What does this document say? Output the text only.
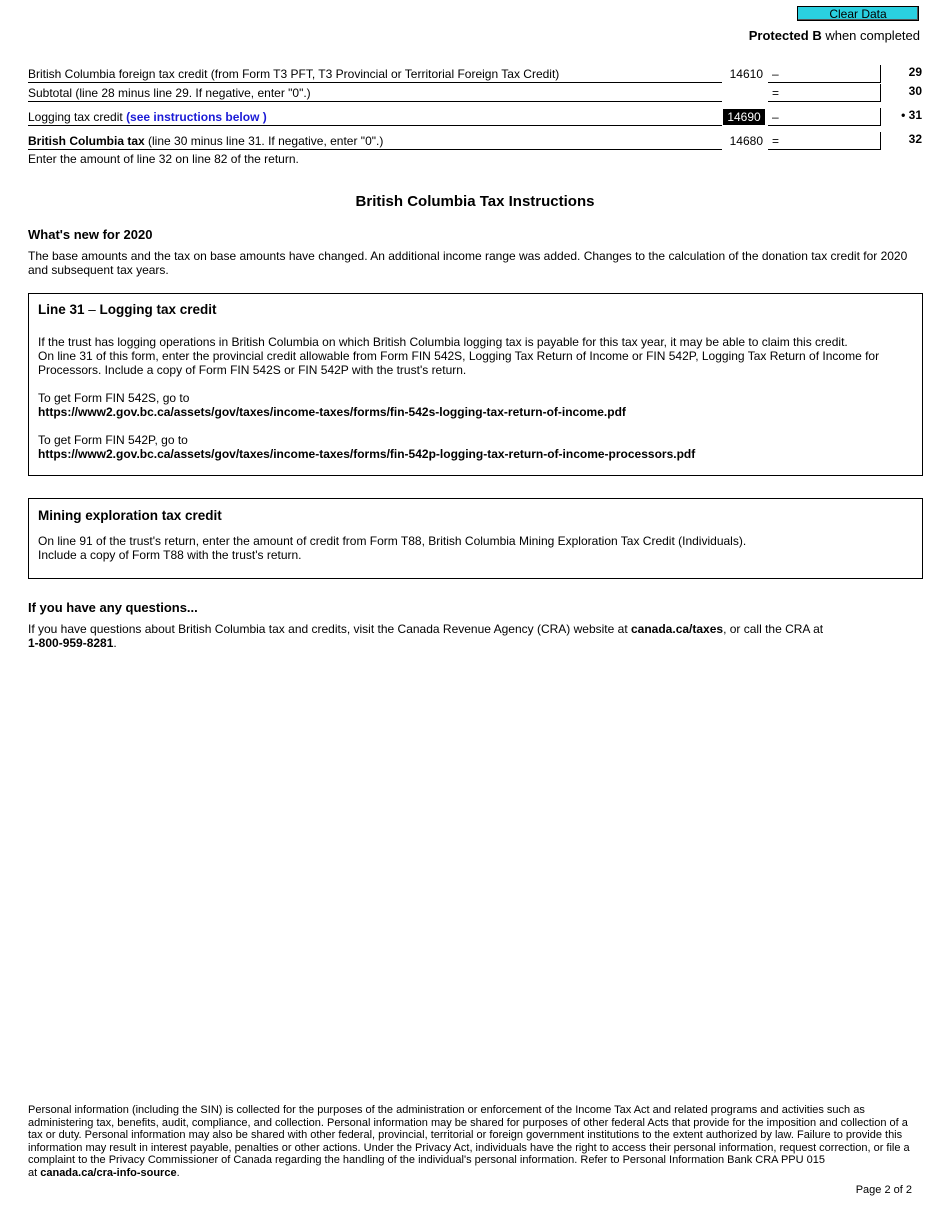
Clear Data
Protected B when completed
British Columbia foreign tax credit (from Form T3 PFT, T3 Provincial or Territorial Foreign Tax Credit)	14610 –	29
Subtotal (line 28 minus line 29. If negative, enter "0".)	=	30
Logging tax credit (see instructions below )	14690 –	• 31
British Columbia tax (line 30 minus line 31. If negative, enter "0".)	14680 =	32
Enter the amount of line 32 on line 82 of the return.
British Columbia Tax Instructions
What's new for 2020
The base amounts and the tax on base amounts have changed. An additional income range was added. Changes to the calculation of the donation tax credit for 2020 and subsequent tax years.
Line 31 – Logging tax credit
If the trust has logging operations in British Columbia on which British Columbia logging tax is payable for this tax year, it may be able to claim this credit.
On line 31 of this form, enter the provincial credit allowable from Form FIN 542S, Logging Tax Return of Income or FIN 542P, Logging Tax Return of Income for Processors. Include a copy of Form FIN 542S or FIN 542P with the trust's return.
To get Form FIN 542S, go to
https://www2.gov.bc.ca/assets/gov/taxes/income-taxes/forms/fin-542s-logging-tax-return-of-income.pdf
To get Form FIN 542P, go to
https://www2.gov.bc.ca/assets/gov/taxes/income-taxes/forms/fin-542p-logging-tax-return-of-income-processors.pdf
Mining exploration tax credit
On line 91 of the trust's return, enter the amount of credit from Form T88, British Columbia Mining Exploration Tax Credit (Individuals).
Include a copy of Form T88 with the trust's return.
If you have any questions...
If you have questions about British Columbia tax and credits, visit the Canada Revenue Agency (CRA) website at canada.ca/taxes, or call the CRA at
1-800-959-8281.
Personal information (including the SIN) is collected for the purposes of the administration or enforcement of the Income Tax Act and related programs and activities such as administering tax, benefits, audit, compliance, and collection. Personal information may be shared for purposes of other federal Acts that provide for the imposition and collection of a tax or duty. Personal information may also be shared with other federal, provincial, territorial or foreign government institutions to the extent authorized by law. Failure to provide this information may result in interest payable, penalties or other actions. Under the Privacy Act, individuals have the right to access their personal information, request correction, or file a complaint to the Privacy Commissioner of Canada regarding the handling of the individual's personal information. Refer to Personal Information Bank CRA PPU 015
at canada.ca/cra-info-source.
Page 2 of 2
